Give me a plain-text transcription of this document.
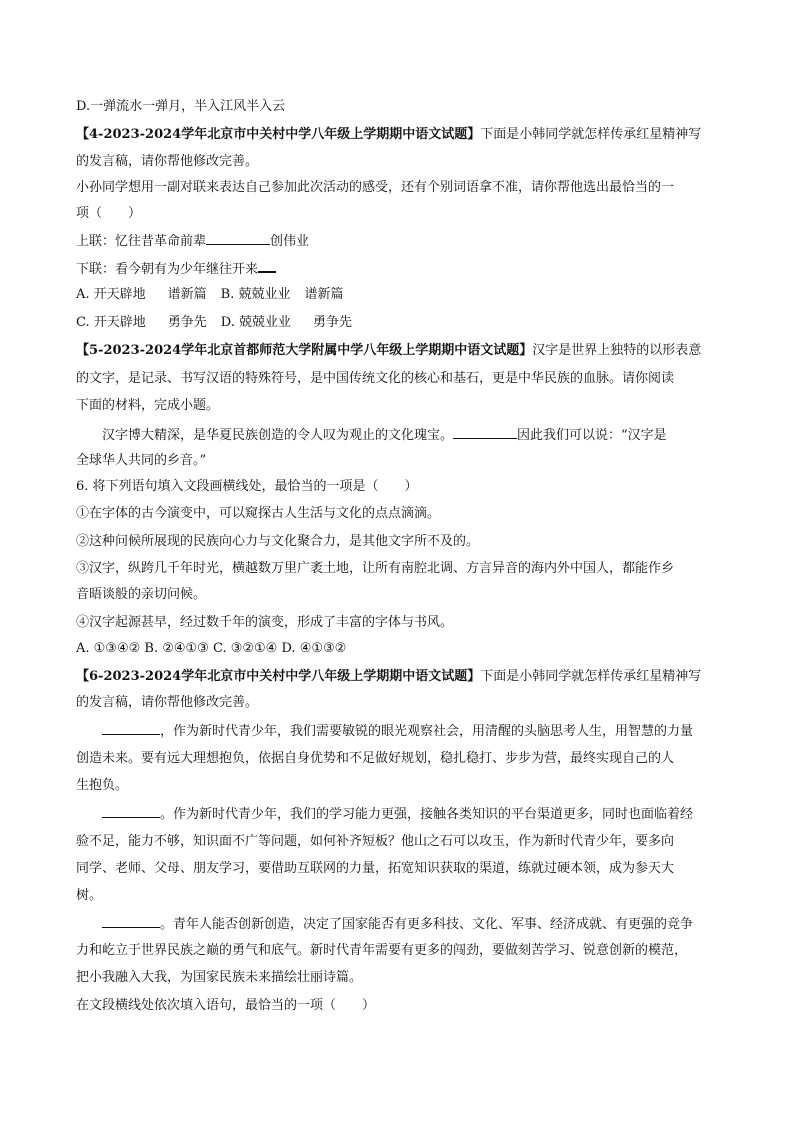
D.一弹流水一弹月，半入江风半入云
【4-2023-2024学年北京市中关村中学八年级上学期期中语文试题】下面是小韩同学就怎样传承红星精神写
的发言稿，请你帮他修改完善。
小孙同学想用一副对联来表达自己参加此次活动的感受，还有个别词语拿不准，请你帮他选出最恰当的一
项（　　）
上联：忆往昔革命前辈	创伟业
下联：看今朝有为少年继往开来
A. 开天辟地 谱新篇 B. 兢兢业业 谱新篇
C. 开天辟地 勇争先 D. 兢兢业业 勇争先
【5-2023-2024学年北京首都师范大学附属中学八年级上学期期中语文试题】汉字是世界上独特的以形表意
的文字，是记录、书写汉语的特殊符号，是中国传统文化的核心和基石，更是中华民族的血脉。请你阅读
下面的材料，完成小题。
汉字博大精深，是华夏民族创造的令人叹为观止的文化瑰宝。	因此我们可以说：“汉字是
全球华人共同的乡音。”
6. 将下列语句填入文段画横线处，最恰当的一项是（　　）
①在字体的古今演变中，可以窥探古人生活与文化的点点滴滴。
②这种问候所展现的民族向心力与文化聚合力，是其他文字所不及的。
③汉字，纵跨几千年时光，横越数万里广袤土地，让所有南腔北调、方言异音的海内外中国人，都能作乡
音晤谈般的亲切问候。
④汉字起源甚早，经过数千年的演变，形成了丰富的字体与书风。
A. ①③④② B. ②④①③ C. ③②①④ D. ④①③②
【6-2023-2024学年北京市中关村中学八年级上学期期中语文试题】下面是小韩同学就怎样传承红星精神写
的发言稿，请你帮他修改完善。
，作为新时代青少年，我们需要敏锐的眼光观察社会，用清醒的头脑思考人生，用智慧的力量
创造未来。要有远大理想抱负，依据自身优势和不足做好规划，稳扎稳打、步步为营，最终实现自己的人
生抱负。
。作为新时代青少年，我们的学习能力更强，接触各类知识的平台渠道更多，同时也面临着经
验不足，能力不够，知识面不广等问题，如何补齐短板？他山之石可以攻玉，作为新时代青少年，要多向
同学、老师、父母、朋友学习，要借助互联网的力量，拓宽知识获取的渠道，练就过硬本领，成为参天大
树。
。青年人能否创新创造，决定了国家能否有更多科技、文化、军事、经济成就、有更强的竞争
力和屹立于世界民族之巅的勇气和底气。新时代青年需要有更多的闯劲，要做刻苦学习、锐意创新的模范，
把小我融入大我，为国家民族未来描绘壮丽诗篇。
在文段横线处依次填入语句，最恰当的一项（　　）
